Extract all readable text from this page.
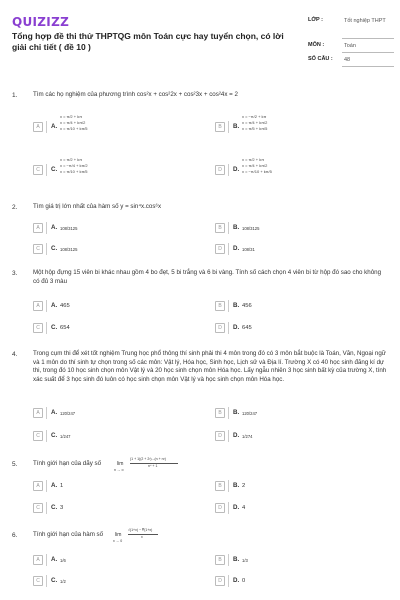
QUIZIZZ
Tổng hợp đề thi thử THPTQG môn Toán cực hay tuyển chọn, có lời giải chi tiết ( đề 10 )
LỚP :	Tốt nghiệp THPT
MÔN :	Toán
SỐ CÂU : 48
1.	Tìm các họ nghiệm của phương trình cos²x + cos²2x + cos²3x + cos²4x = 2
A	A.
x = π/2 + kπ
x = π/4 + kπ/2
x = π/10 + kπ/5	B	B.
x = −π/2 + kπ
x = π/4 + kπ/2
x = π/5 + kπ/5
C	C.
x = π/2 + kπ
x = −π/4 + kπ/2
x = π/10 + kπ/5	D	D.
x = π/2 + kπ
x = π/4 + kπ/2
x = −π/10 + kπ/5
2.	Tìm giá trị lớn nhất của hàm số y = sin⁴x.cos⁶x
A	A. 108/3125	B	B. 108/3125
C	C. 108/3125	D	D. 108/31
3.	Một hộp đựng 15 viên bi khác nhau gồm 4 bo đẹt, 5 bi trắng và 6 bi vàng. Tính số cách chọn 4 viên bi từ hộp đó sao cho không có đủ 3 màu
A	A. 465	B	B. 456
C	C. 654	D	D. 645
4.	Trong cụm thi để xét tốt nghiệm Trung học phổ thông thí sinh phải thi 4 môn trong đó có 3 môn bắt buộc là Toán, Văn, Ngoại ngữ và 1 môn do thí sinh tự chọn trong số các môn: Vật lý, Hóa học, Sinh học, Lịch sử và Địa lí. Trường X có 40 học sinh đăng kí dự thi, trong đó 10 học sinh chọn môn Vật lý và 20 học sinh chọn môn Hóa học. Lấy ngẫu nhiên 3 học sinh bất kỳ của trường X, tính xác suất để 3 học sinh đó luôn có học sinh chọn môn Vật lý và học sinh chọn môn Hóa học.
A	A. 120/247	B	B. 120/247
C	C. 1/247	D	D. 1/274
5.	Tính giới hạn của dãy số	lim
n → ∞
(1 + 1)(2 + 2³)...(n + n³)
n⁴ + 1
A	A. 1	B	B. 2
C	C. 3	D	D. 4
6.	Tính giới hạn của hàm số	lim
x → 0
√(1+x) − ∛(1+x)
x
A	A. 1/6	B	B. 1/3
C	C. 1/2	D	D. 0
